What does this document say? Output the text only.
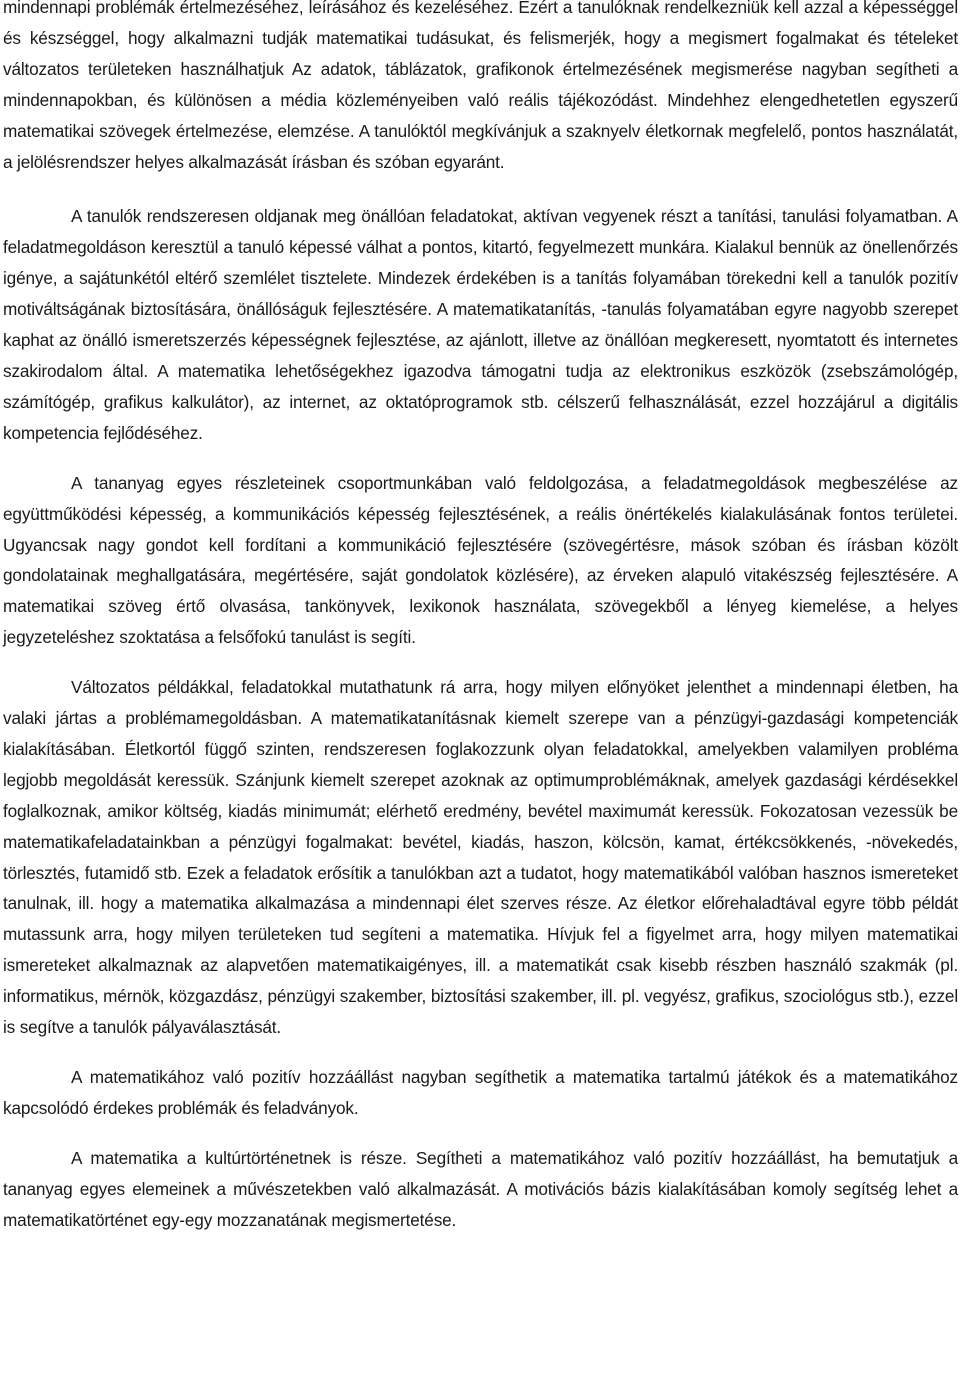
mindennapi problémák értelmezéséhez, leírásához és kezeléséhez. Ezért a tanulóknak rendelkezniük kell azzal a képességgel és készséggel, hogy alkalmazni tudják matematikai tudásukat, és felismerjék, hogy a megismert fogalmakat és tételeket változatos területeken használhatjuk Az adatok, táblázatok, grafikonok értelmezésének megismerése nagyban segítheti a mindennapokban, és különösen a média közleményeiben való reális tájékozódást. Mindehhez elengedhetetlen egyszerű matematikai szövegek értelmezése, elemzése. A tanulóktól megkívánjuk a szaknyelv életkornak megfelelő, pontos használatát, a jelölésrendszer helyes alkalmazását írásban és szóban egyaránt.

A tanulók rendszeresen oldjanak meg önállóan feladatokat, aktívan vegyenek részt a tanítási, tanulási folyamatban. A feladatmegoldáson keresztül a tanuló képessé válhat a pontos, kitartó, fegyelmezett munkára. Kialakul bennük az önellenőrzés igénye, a sajátunkétól eltérő szemlélet tisztelete. Mindezek érdekében is a tanítás folyamában törekedni kell a tanulók pozitív motiváltságának biztosítására, önállóságuk fejlesztésére. A matematikatanítás, -tanulás folyamatában egyre nagyobb szerepet kaphat az önálló ismeretszerzés képességnek fejlesztése, az ajánlott, illetve az önállóan megkeresett, nyomtatott és internetes szakirodalom által. A matematika lehetőségekhez igazodva támogatni tudja az elektronikus eszközök (zsebszámológép, számítógép, grafikus kalkulátor), az internet, az oktatóprogramok stb. célszerű felhasználását, ezzel hozzájárul a digitális kompetencia fejlődéséhez.

A tananyag egyes részleteinek csoportmunkában való feldolgozása, a feladatmegoldások megbeszélése az együttműködési képesség, a kommunikációs képesség fejlesztésének, a reális önértékelés kialakulásának fontos területei. Ugyancsak nagy gondot kell fordítani a kommunikáció fejlesztésére (szövegértésre, mások szóban és írásban közölt gondolatainak meghallgatására, megértésére, saját gondolatok közlésére), az érveken alapuló vitakészség fejlesztésére. A matematikai szöveg értő olvasása, tankönyvek, lexikonok használata, szövegekből a lényeg kiemelése, a helyes jegyzeteléshez szoktatása a felsőfokú tanulást is segíti.

Változatos példákkal, feladatokkal mutathatunk rá arra, hogy milyen előnyöket jelenthet a mindennapi életben, ha valaki jártas a problémamegoldásban. A matematikatanításnak kiemelt szerepe van a pénzügyi-gazdasági kompetenciák kialakításában. Életkortól függő szinten, rendszeresen foglakozzunk olyan feladatokkal, amelyekben valamilyen probléma legjobb megoldását keressük. Szánjunk kiemelt szerepet azoknak az optimumproblémáknak, amelyek gazdasági kérdésekkel foglalkoznak, amikor költség, kiadás minimumát; elérhető eredmény, bevétel maximumát keressük. Fokozatosan vezessük be matematikafeladatainkban a pénzügyi fogalmakat: bevétel, kiadás, haszon, kölcsön, kamat, értékcsökkenés, -növekedés, törlesztés, futamidő stb. Ezek a feladatok erősítik a tanulókban azt a tudatot, hogy matematikából valóban hasznos ismereteket tanulnak, ill. hogy a matematika alkalmazása a mindennapi élet szerves része. Az életkor előrehaladtával egyre több példát mutassunk arra, hogy milyen területeken tud segíteni a matematika. Hívjuk fel a figyelmet arra, hogy milyen matematikai ismereteket alkalmaznak az alapvetően matematikaigényes, ill. a matematikát csak kisebb részben használó szakmák (pl. informatikus, mérnök, közgazdász, pénzügyi szakember, biztosítási szakember, ill. pl. vegyész, grafikus, szociológus stb.), ezzel is segítve a tanulók pályaválasztását.

A matematikához való pozitív hozzáállást nagyban segíthetik a matematika tartalmú játékok és a matematikához kapcsolódó érdekes problémák és feladványok.

A matematika a kultúrtörténetnek is része. Segítheti a matematikához való pozitív hozzáállást, ha bemutatjuk a tananyag egyes elemeinek a művészetekben való alkalmazását. A motivációs bázis kialakításában komoly segítség lehet a matematikatörténet egy-egy mozzanatának megismertetése.
